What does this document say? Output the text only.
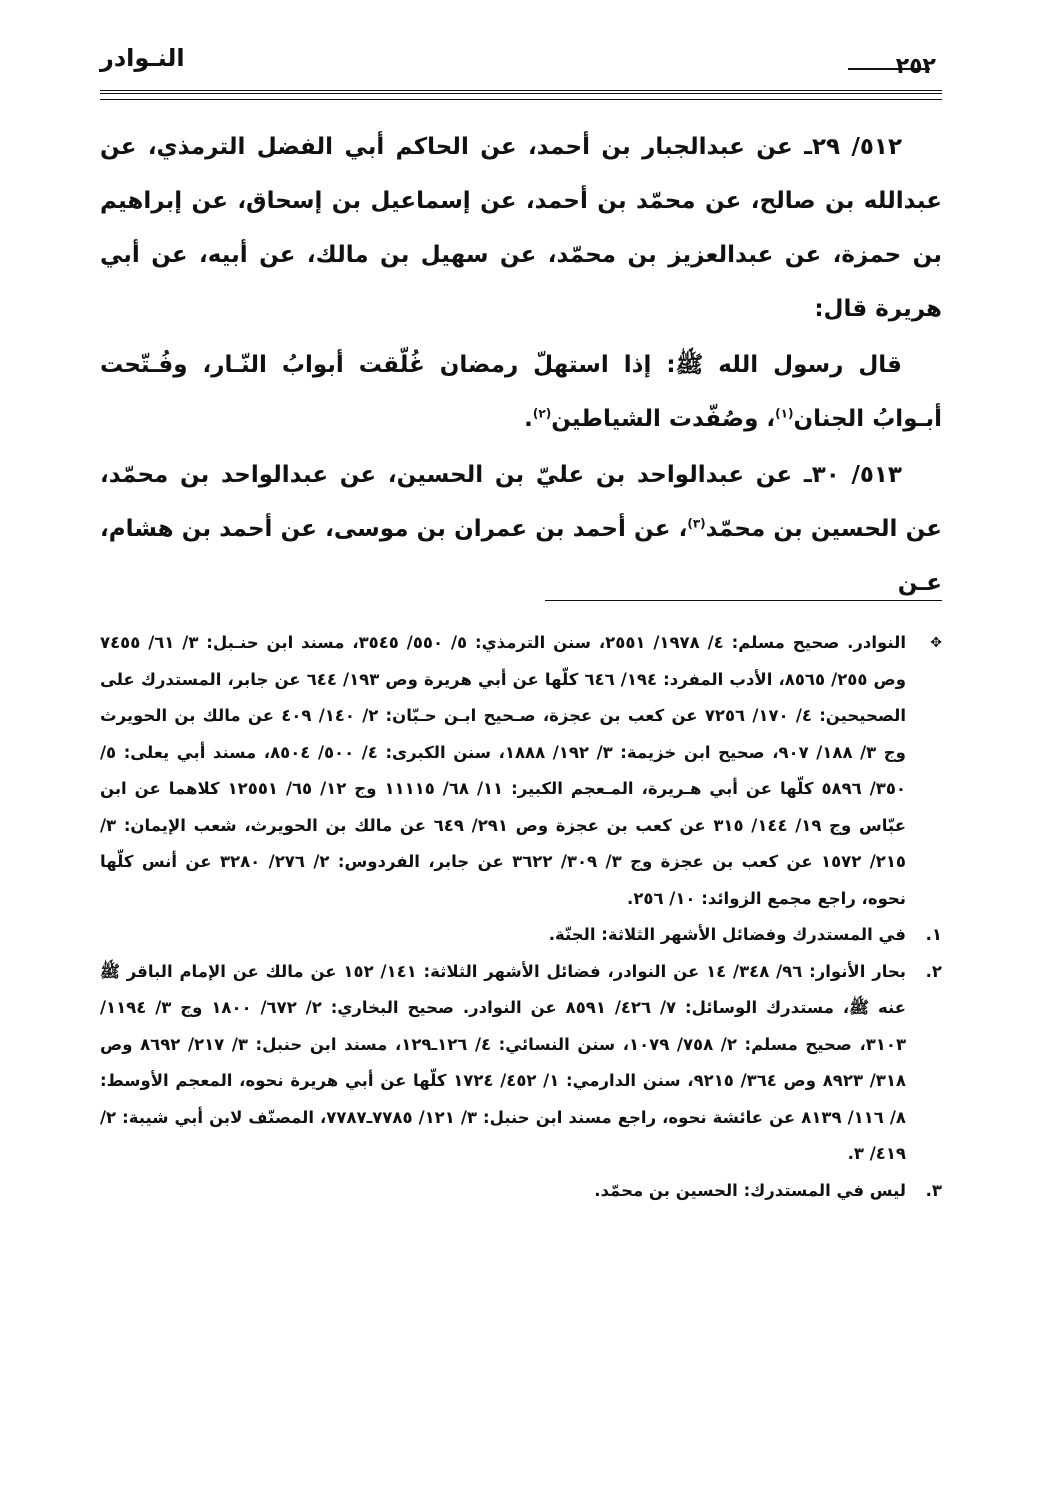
النـوادر	٢٥٢

٥١٢/ ٢٩ـ عن عبدالجبار بن أحمد، عن الحاكم أبي الفضل الترمذي، عن عبدالله بن صالح، عن محمّد بن أحمد، عن إسماعيل بن إسحاق، عن إبراهيم بن حمزة، عن عبدالعزيز بن محمّد، عن سهيل بن مالك، عن أبيه، عن أبي هريرة قال:

قال رسول الله ﷺ: إذا استهلّ رمضان غُلّقت أبوابُ النّـار، وفُـتّحت أبـوابُ الجنان$^{(١)}$، وصُفّدت الشياطين$^{(٢)}$.

٥١٣/ ٣٠ـ عن عبدالواحد بن عليّ بن الحسين، عن عبدالواحد بن محمّد، عن الحسين بن محمّد$^{(٣)}$، عن أحمد بن عمران بن موسى، عن أحمد بن هشام، عـن

✥
النوادر. صحيح مسلم: ٤/ ١٩٧٨/ ٢٥٥١، سنن الترمذي: ٥/ ٥٥٠/ ٣٥٤٥، مسند ابن حنـبل: ٣/ ٦١/ ٧٤٥٥ وص ٢٥٥/ ٨٥٦٥، الأدب المفرد: ١٩٤/ ٦٤٦ كلّها عن أبي هريرة وص ١٩٣/ ٦٤٤ عن جابر، المستدرك على الصحيحين: ٤/ ١٧٠/ ٧٢٥٦ عن كعب بن عجزة، صـحيح ابـن حـبّان: ٢/ ١٤٠/ ٤٠٩ عن مالك بن الحويرث وج ٣/ ١٨٨/ ٩٠٧، صحيح ابن خزيمة: ٣/ ١٩٢/ ١٨٨٨، سنن الكبرى: ٤/ ٥٠٠/ ٨٥٠٤، مسند أبي يعلى: ٥/ ٣٥٠/ ٥٨٩٦ كلّها عن أبي هـريرة، المـعجم الكبير: ١١/ ٦٨/ ١١١١٥ وج ١٢/ ٦٥/ ١٢٥٥١ كلاهما عن ابن عبّاس وج ١٩/ ١٤٤/ ٣١٥ عن كعب بن عجزة وص ٢٩١/ ٦٤٩ عن مالك بن الحويرث، شعب الإيمان: ٣/ ٢١٥/ ١٥٧٢ عن كعب بن عجزة وج ٣/ ٣٠٩/ ٣٦٢٢ عن جابر، الفردوس: ٢/ ٢٧٦/ ٣٢٨٠ عن أنس كلّها نحوه، راجع مجمع الزوائد: ١٠/ ٢٥٦.

١.
في المستدرك وفضائل الأشهر الثلاثة: الجنّة.

٢.
بحار الأنوار: ٩٦/ ٣٤٨/ ١٤ عن النوادر، فضائل الأشهر الثلاثة: ١٤١/ ١٥٢ عن مالك عن الإمام الباقر ﷺ عنه ﷺ، مستدرك الوسائل: ٧/ ٤٢٦/ ٨٥٩١ عن النوادر. صحيح البخاري: ٢/ ٦٧٢/ ١٨٠٠ وج ٣/ ١١٩٤/ ٣١٠٣، صحيح مسلم: ٢/ ٧٥٨/ ١٠٧٩، سنن النسائي: ٤/ ١٢٦ـ١٢٩، مسند ابن حنبل: ٣/ ٢١٧/ ٨٦٩٢ وص ٣١٨/ ٨٩٢٣ وص ٣٦٤/ ٩٢١٥، سنن الدارمي: ١/ ٤٥٢/ ١٧٢٤ كلّها عن أبي هريرة نحوه، المعجم الأوسط: ٨/ ١١٦/ ٨١٣٩ عن عائشة نحوه، راجع مسند ابن حنبل: ٣/ ١٢١/ ٧٧٨٥ـ٧٧٨٧، المصنّف لابن أبي شيبة: ٢/ ٤١٩/ ٣.

٣.
ليس في المستدرك: الحسين بن محمّد.
